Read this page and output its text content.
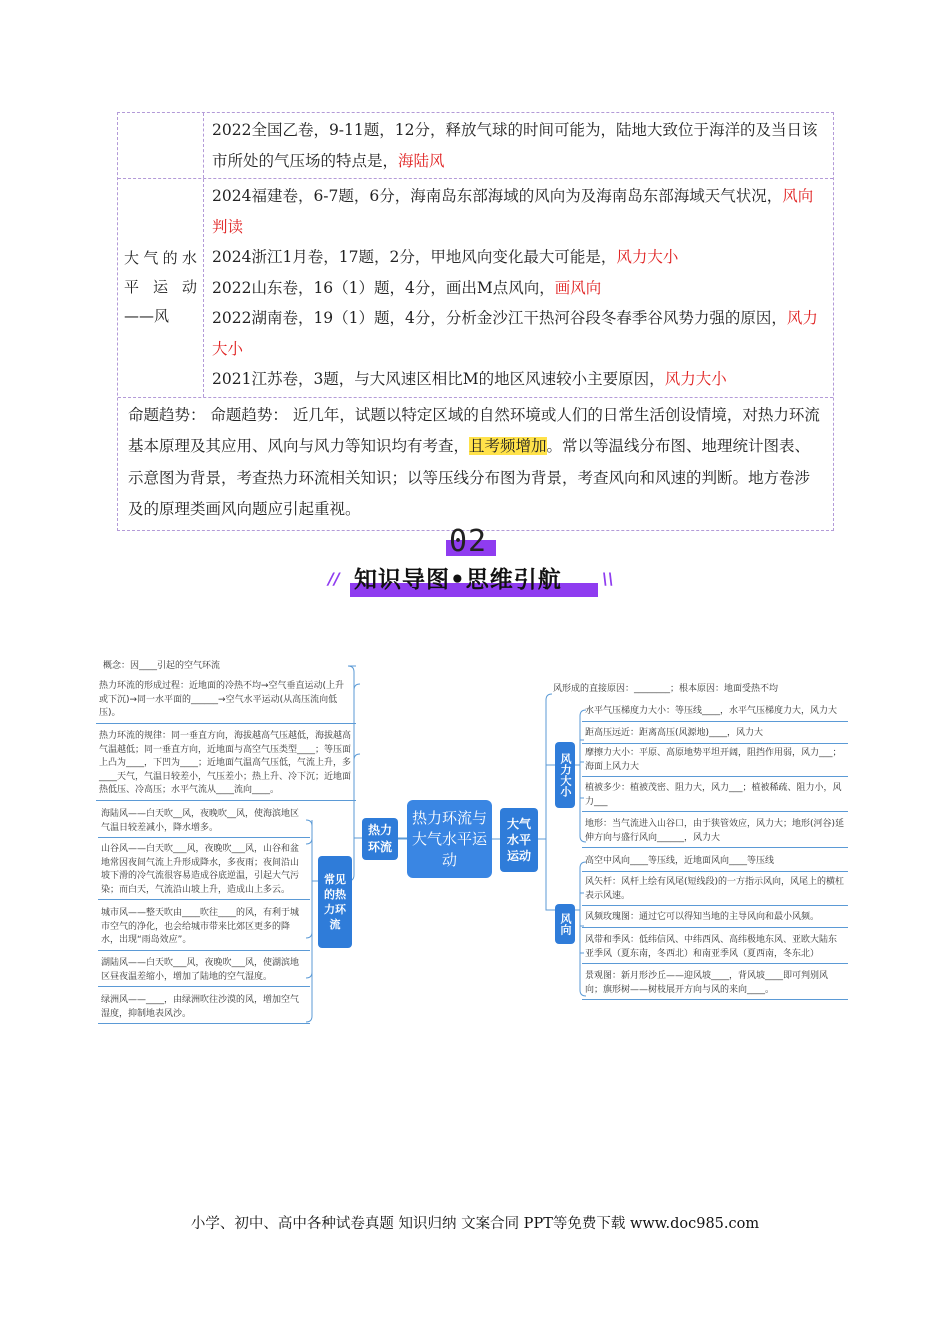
2022全国乙卷，9-11题，12分，释放气球的时间可能为，陆地大致位于海洋的及当日该市所处的气压场的特点是，海陆风

大气的水平运动——风

2024福建卷，6-7题，6分，海南岛东部海域的风向为及海南岛东部海域天气状况，风向判读

2024浙江1月卷，17题，2分，甲地风向变化最大可能是，风力大小

2022山东卷，16（1）题，4分，画出M点风向，画风向

2022湖南卷，19（1）题，4分，分析金沙江干热河谷段冬春季谷风势力强的原因，风力大小

2021江苏卷，3题，与大风速区相比M的地区风速较小主要原因，风力大小

命题趋势： 命题趋势： 近几年，试题以特定区域的自然环境或人们的日常生活创设情境，对热力环流基本原理及其应用、风向与风力等知识均有考查，且考频增加。常以等温线分布图、地理统计图表、示意图为背景，考查热力环流相关知识；以等压线分布图为背景，考查风向和风速的判断。地方卷涉及的原理类画风向题应引起重视。
02
// 知识导图•思维引航	\\
概念：因____引起的空气环流
热力环流的形成过程：近地面的冷热不均→空气垂直运动(上升或下沉)→同一水平面的______→空气水平运动(从高压流向低压)。
热力环流的规律：同一垂直方向，海拔越高气压越低，海拔越高气温越低；同一垂直方向，近地面与高空气压类型____；等压面上凸为____，下凹为____；近地面气温高气压低，气流上升，多____天气，气温日较差小，气压差小；热上升、冷下沉；近地面热低压、冷高压；水平气流从____流向____。
热力环流
常见的热力环流
海陆风——白天吹__风，夜晚吹__风，使海滨地区气温日较差减小，降水增多。
山谷风——白天吹___风，夜晚吹___风，山谷和盆地常因夜间气流上升形成降水，多夜雨；夜间沿山坡下滑的冷气流很容易造成谷底逆温，引起大气污染；而白天，气流沿山坡上升，造成山上多云。
城市风——整天吹由____吹往____的风，有利于城市空气的净化，也会给城市带来比郊区更多的降水，出现“雨岛效应”。
湖陆风——白天吹___风，夜晚吹___风，使湖滨地区昼夜温差缩小，增加了陆地的空气湿度。
绿洲风——____，由绿洲吹往沙漠的风，增加空气湿度，抑制地表风沙。
热力环流与大气水平运动
大气水平运动
风形成的直接原因：________；根本原因：地面受热不均
风力大小
风向
水平气压梯度力大小：等压线____，水平气压梯度力大，风力大
距高压远近：距离高压(风源地)____，风力大
摩擦力大小：平原、高原地势平坦开阔，阻挡作用弱，风力___；海面上风力大
植被多少：植被茂密、阻力大，风力___；植被稀疏、阻力小，风力___
地形：当气流进入山谷口，由于狭管效应，风力大；地形(河谷)延伸方向与盛行风向______，风力大
高空中风向____等压线，近地面风向____等压线
风矢杆：风杆上绘有风尾(短线段)的一方指示风向，风尾上的横杠表示风速。
风频玫瑰图：通过它可以得知当地的主导风向和最小风频。
风带和季风：低纬信风、中纬西风、高纬极地东风、亚欧大陆东亚季风（夏东南，冬西北）和南亚季风（夏西南，冬东北）
景观图：新月形沙丘——迎风坡____，背风坡____即可判别风向；旗形树——树枝展开方向与风的来向____。
小学、初中、高中各种试卷真题 知识归纳 文案合同 PPT等免费下载 www.doc985.com
